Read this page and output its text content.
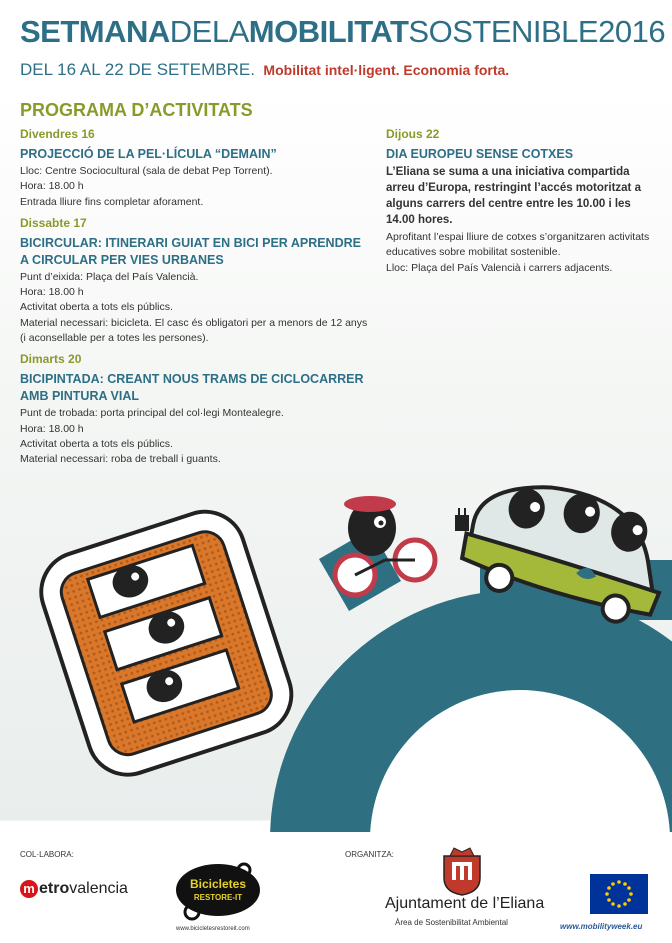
SETMANADELAMOBILITATSOSTENIBLE2016
DEL 16 AL 22 DE SETEMBRE. Mobilitat intel·ligent. Economia forta.
PROGRAMA D’ACTIVITATS
Divendres 16
PROJECCIÓ DE LA PEL·LÍCULA “DEMAIN”
Lloc: Centre Sociocultural (sala de debat Pep Torrent).
Hora: 18.00 h
Entrada lliure fins completar aforament.
Dissabte 17
BICIRCULAR: ITINERARI GUIAT EN BICI PER APRENDRE A CIRCULAR PER VIES URBANES
Punt d’eixida: Plaça del País Valencià.
Hora: 18.00 h
Activitat oberta a tots els públics.
Material necessari: bicicleta. El casc és obligatori per a menors de 12 anys (i aconsellable per a totes les persones).
Dimarts 20
BICIPINTADA: CREANT NOUS TRAMS DE CICLOCARRER AMB PINTURA VIAL
Punt de trobada: porta principal del col·legi Montealegre.
Hora: 18.00 h
Activitat oberta a tots els públics.
Material necessari: roba de treball i guants.
Dijous 22
DIA EUROPEU SENSE COTXES
L’Eliana se suma a una iniciativa compartida arreu d’Europa, restringint l’accés motoritzat a alguns carrers del centre entre les 10.00 i les 14.00 hores.
Aprofitant l’espai lliure de cotxes s’organitzaren activitats educatives sobre mobilitat sostenible.
Lloc: Plaça del País Valencià i carrers adjacents.
COL·LABORA:	ORGANITZA:
m etrovalencia	Bicicletes
RESTORE-IT
www.bicicletesrestoreit.com
Ajuntament de l’Eliana
Àrea de Sostenibilitat Ambiental	www.mobilityweek.eu
